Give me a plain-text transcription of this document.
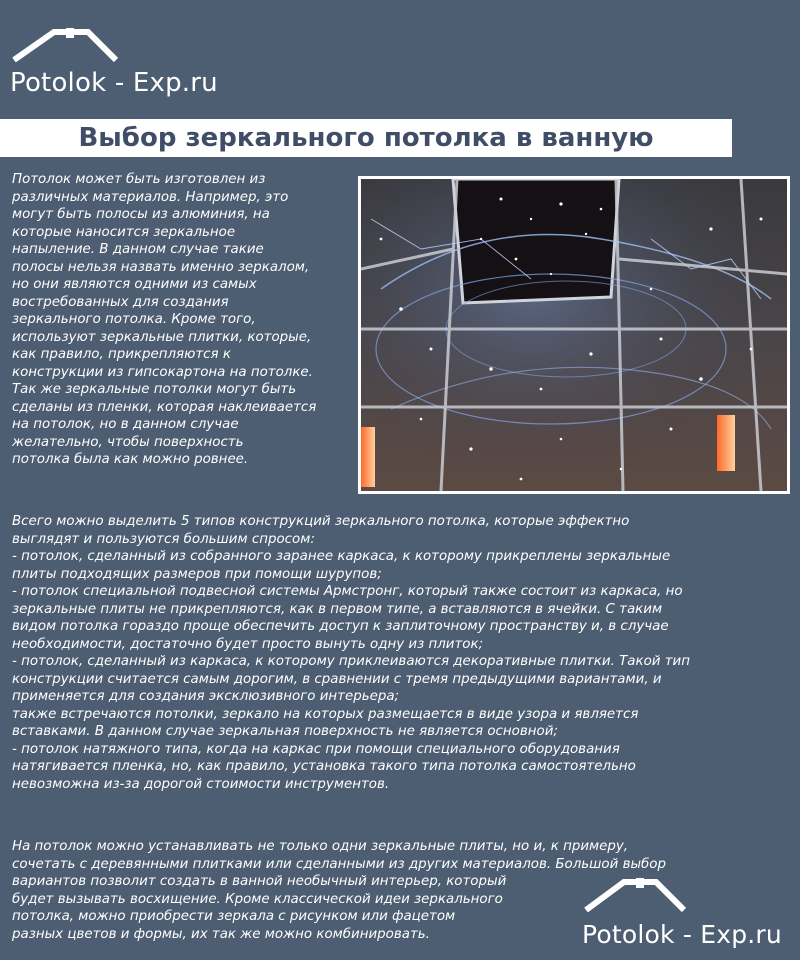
Potolok - Exp.ru
Выбор зеркального потолка в ванную
Потолок может быть изготовлен из
различных материалов. Например, это
могут быть полосы из алюминия, на
которые наносится зеркальное
напыление. В данном случае такие
полосы нельзя назвать именно зеркалом,
но они являются одними из самых
востребованных для создания
зеркального потолка. Кроме того,
используют зеркальные плитки, которые,
как правило, прикрепляются к
конструкции из гипсокартона на потолке.
Так же зеркальные потолки могут быть
сделаны из пленки, которая наклеивается
на потолок, но в данном случае
желательно, чтобы поверхность
потолка была как можно ровнее.
Всего можно выделить 5 типов конструкций зеркального потолка, которые эффектно
выглядят и пользуются большим спросом:
- потолок, сделанный из собранного заранее каркаса, к которому прикреплены зеркальные
плиты подходящих размеров при помощи шурупов;
- потолок специальной подвесной системы Армстронг, который также состоит из каркаса, но
зеркальные плиты не прикрепляются, как в первом типе, а вставляются в ячейки. С таким
видом потолка гораздо проще обеспечить доступ к заплиточному пространству и, в случае
необходимости, достаточно будет просто вынуть одну из плиток;
- потолок, сделанный из каркаса, к которому приклеиваются декоративные плитки. Такой тип
конструкции считается самым дорогим, в сравнении с тремя предыдущими вариантами, и
применяется для создания эксклюзивного интерьера;
также встречаются потолки, зеркало на которых размещается в виде узора и является
вставками. В данном случае зеркальная поверхность не является основной;
- потолок натяжного типа, когда на каркас при помощи специального оборудования
натягивается пленка, но, как правило, установка такого типа потолка самостоятельно
невозможна из-за дорогой стоимости инструментов.
На потолок можно устанавливать не только одни зеркальные плиты, но и, к примеру,
сочетать с деревянными плитками или сделанными из других материалов. Большой выбор
вариантов позволит создать в ванной необычный интерьер, который
будет вызывать восхищение. Кроме классической идеи зеркального
потолка, можно приобрести зеркала с рисунком или фацетом
разных цветов и формы, их так же можно комбинировать.	Potolok - Exp.ru
